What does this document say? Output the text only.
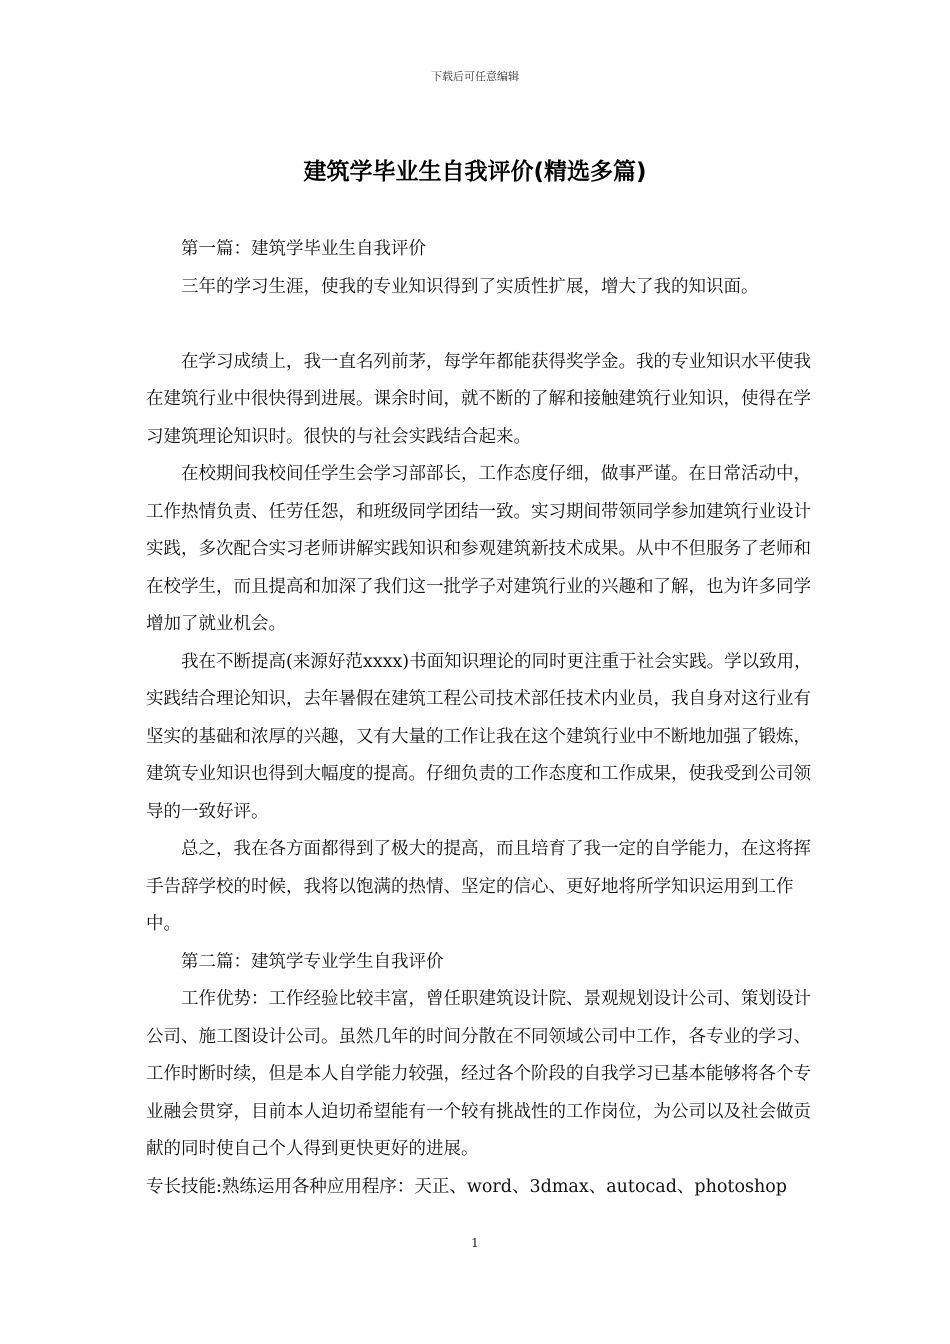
下载后可任意编辑
建筑学毕业生自我评价(精选多篇)

第一篇：建筑学毕业生自我评价

三年的学习生涯，使我的专业知识得到了实质性扩展，增大了我的知识面。

在学习成绩上，我一直名列前茅，每学年都能获得奖学金。我的专业知识水平使我在建筑行业中很快得到进展。课余时间，就不断的了解和接触建筑行业知识，使得在学习建筑理论知识时。很快的与社会实践结合起来。

在校期间我校间任学生会学习部部长，工作态度仔细，做事严谨。在日常活动中，工作热情负责、任劳任怨，和班级同学团结一致。实习期间带领同学参加建筑行业设计实践，多次配合实习老师讲解实践知识和参观建筑新技术成果。从中不但服务了老师和在校学生，而且提高和加深了我们这一批学子对建筑行业的兴趣和了解，也为许多同学增加了就业机会。

我在不断提高(来源好范xxxx)书面知识理论的同时更注重于社会实践。学以致用，实践结合理论知识，去年暑假在建筑工程公司技术部任技术内业员，我自身对这行业有坚实的基础和浓厚的兴趣，又有大量的工作让我在这个建筑行业中不断地加强了锻炼，建筑专业知识也得到大幅度的提高。仔细负责的工作态度和工作成果，使我受到公司领导的一致好评。

总之，我在各方面都得到了极大的提高，而且培育了我一定的自学能力，在这将挥手告辞学校的时候，我将以饱满的热情、坚定的信心、更好地将所学知识运用到工作中。

第二篇：建筑学专业学生自我评价

工作优势：工作经验比较丰富，曾任职建筑设计院、景观规划设计公司、策划设计公司、施工图设计公司。虽然几年的时间分散在不同领域公司中工作，各专业的学习、工作时断时续，但是本人自学能力较强，经过各个阶段的自我学习已基本能够将各个专业融会贯穿，目前本人迫切希望能有一个较有挑战性的工作岗位，为公司以及社会做贡献的同时使自己个人得到更快更好的进展。

专长技能:熟练运用各种应用程序：天正、word、3dmax、autocad、photoshop

1
